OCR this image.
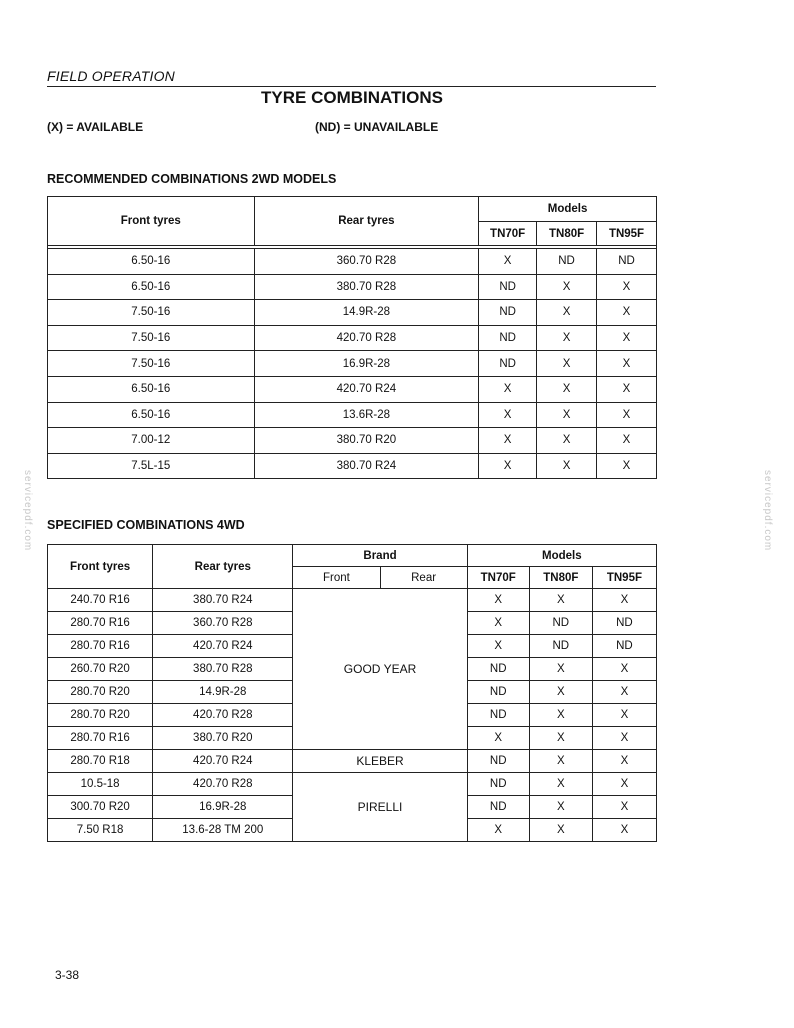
FIELD OPERATION
TYRE COMBINATIONS
(X) = AVAILABLE	(ND) = UNAVAILABLE
RECOMMENDED COMBINATIONS 2WD MODELS
Front tyres	Rear tyres	Models		
		TN70F	TN80F	TN95F

6.50-16	360.70 R28	X	ND	ND
6.50-16	380.70 R28	ND	X	X
7.50-16	14.9R-28	ND	X	X
7.50-16	420.70 R28	ND	X	X
7.50-16	16.9R-28	ND	X	X
6.50-16	420.70 R24	X	X	X
6.50-16	13.6R-28	X	X	X
7.00-12	380.70 R20	X	X	X
7.5L-15	380.70 R24	X	X	X
SPECIFIED COMBINATIONS 4WD
Front tyres	Rear tyres	Brand		Models		
		Front	Rear	TN70F	TN80F	TN95F
240.70 R16	380.70 R24	GOOD YEAR		X	X	X
280.70 R16	360.70 R28			X	ND	ND
280.70 R16	420.70 R24			X	ND	ND
260.70 R20	380.70 R28			ND	X	X
280.70 R20	14.9R-28			ND	X	X
280.70 R20	420.70 R28			ND	X	X
280.70 R16	380.70 R20			X	X	X
280.70 R18	420.70 R24	KLEBER		ND	X	X
10.5-18	420.70 R28	PIRELLI		ND	X	X
300.70 R20	16.9R-28			ND	X	X
7.50 R18	13.6-28 TM 200			X	X	X
servicepdf.com	servicepdf.com
3-38
